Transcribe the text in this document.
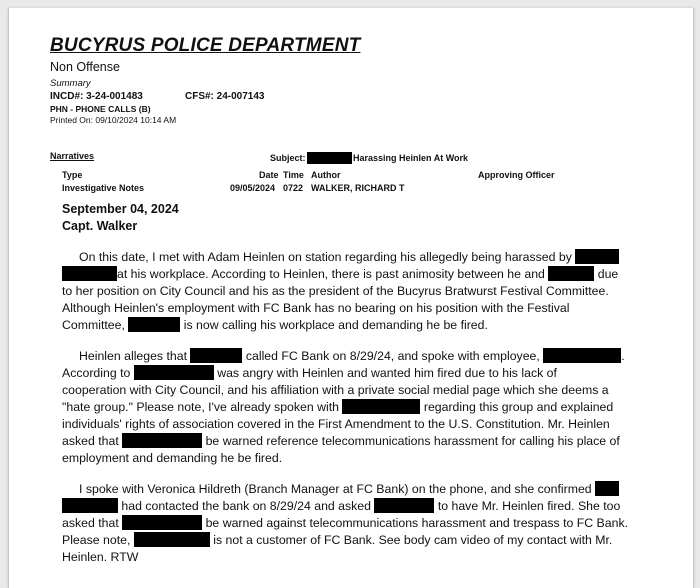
BUCYRUS POLICE DEPARTMENT
Non Offense
Summary
INCD#: 3-24-001483	CFS#: 24-007143
PHN - PHONE CALLS (B)
Printed On: 09/10/2024 10:14 AM
Narratives	Subject:	Harassing Heinlen At Work
Type	Date Time Author	Approving Officer
Investigative Notes	09/05/2024 0722 WALKER, RICHARD T
September 04, 2024
Capt. Walker
On this date, I met with Adam Heinlen on station regarding his allegedly being harassed by
at his workplace. According to Heinlen, there is past animosity between he and	due
to her position on City Council and his as the president of the Bucyrus Bratwurst Festival Committee.
Although Heinlen's employment with FC Bank has no bearing on his position with the Festival
Committee,	is now calling his workplace and demanding he be fired.
Heinlen alleges that	called FC Bank on 8/29/24, and spoke with employee,	.
According to	was angry with Heinlen and wanted him fired due to his lack of
cooperation with City Council, and his affiliation with a private social medial page which she deems a
"hate group." Please note, I've already spoken with	regarding this group and explained
individuals' rights of association covered in the First Amendment to the U.S. Constitution. Mr. Heinlen
asked that	be warned reference telecommunications harassment for calling his place of
employment and demanding he be fired.
I spoke with Veronica Hildreth (Branch Manager at FC Bank) on the phone, and she confirmed
had contacted the bank on 8/29/24 and asked	to have Mr. Heinlen fired. She too
asked that	be warned against telecommunications harassment and trespass to FC Bank.
Please note,	is not a customer of FC Bank. See body cam video of my contact with Mr.
Heinlen. RTW
